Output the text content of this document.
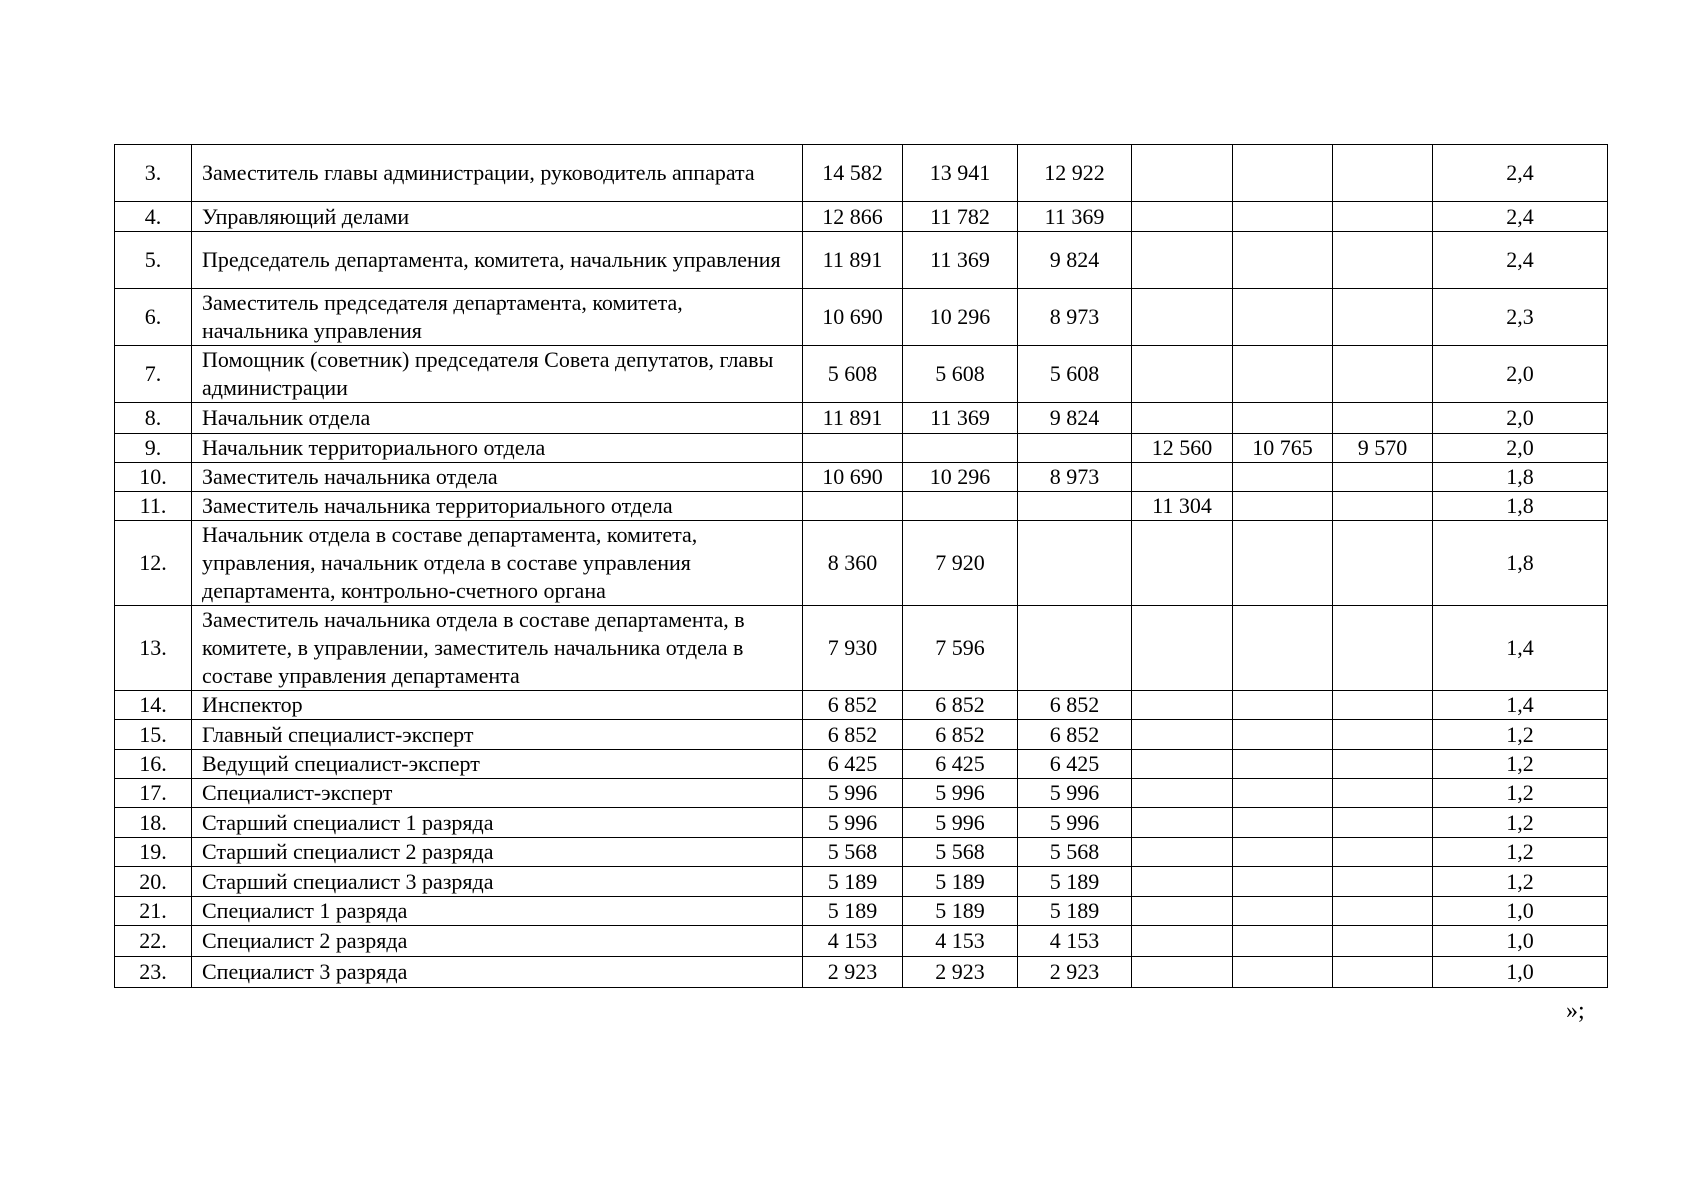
3.	Заместитель главы администрации, руководитель аппарата	14 582	13 941	12 922				2,4
4.	Управляющий делами	12 866	11 782	11 369				2,4
5.	Председатель департамента, комитета, начальник управления	11 891	11 369	9 824				2,4
6.	Заместитель председателя департамента, комитета, начальника управления	10 690	10 296	8 973				2,3
7.	Помощник (советник) председателя Совета депутатов, главы администрации	5 608	5 608	5 608				2,0
8.	Начальник отдела	11 891	11 369	9 824				2,0
9.	Начальник территориального отдела				12 560	10 765	9 570	2,0
10.	Заместитель начальника отдела	10 690	10 296	8 973				1,8
11.	Заместитель начальника территориального отдела				11 304			1,8
12.	Начальник отдела в составе департамента, комитета, управления, начальник отдела в составе управления департамента, контрольно-счетного органа	8 360	7 920					1,8
13.	Заместитель начальника отдела в составе департамента, в комитете, в управлении, заместитель начальника отдела в составе управления департамента	7 930	7 596					1,4
14.	Инспектор	6 852	6 852	6 852				1,4
15.	Главный специалист-эксперт	6 852	6 852	6 852				1,2
16.	Ведущий специалист-эксперт	6 425	6 425	6 425				1,2
17.	Специалист-эксперт	5 996	5 996	5 996				1,2
18.	Старший специалист 1 разряда	5 996	5 996	5 996				1,2
19.	Старший специалист 2 разряда	5 568	5 568	5 568				1,2
20.	Старший специалист 3 разряда	5 189	5 189	5 189				1,2
21.	Специалист 1 разряда	5 189	5 189	5 189				1,0
22.	Специалист 2 разряда	4 153	4 153	4 153				1,0
23.	Специалист 3 разряда	2 923	2 923	2 923				1,0
»;
